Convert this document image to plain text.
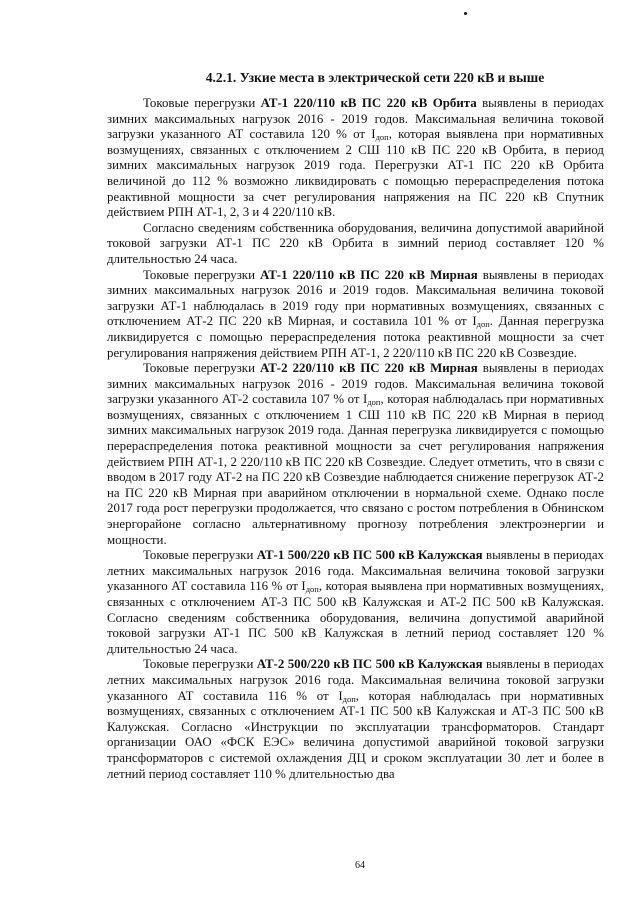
4.2.1. Узкие места в электрической сети 220 кВ и выше

Токовые перегрузки АТ-1 220/110 кВ ПС 220 кВ Орбита выявлены в периодах зимних максимальных нагрузок 2016 - 2019 годов. Максимальная величина токовой загрузки указанного АТ составила 120 % от $I_{доп}$, которая выявлена при нормативных возмущениях, связанных с отключением 2 СШ 110 кВ ПС 220 кВ Орбита, в период зимних максимальных нагрузок 2019 года. Перегрузки АТ-1 ПС 220 кВ Орбита величиной до 112 % возможно ликвидировать с помощью перераспределения потока реактивной мощности за счет регулирования напряжения на ПС 220 кВ Спутник действием РПН АТ-1, 2, 3 и 4 220/110 кВ.

Согласно сведениям собственника оборудования, величина допустимой аварийной токовой загрузки АТ-1 ПС 220 кВ Орбита в зимний период составляет 120 % длительностью 24 часа.

Токовые перегрузки АТ-1 220/110 кВ ПС 220 кВ Мирная выявлены в периодах зимних максимальных нагрузок 2016 и 2019 годов. Максимальная величина токовой загрузки АТ-1 наблюдалась в 2019 году при нормативных возмущениях, связанных с отключением АТ-2 ПС 220 кВ Мирная, и составила 101 % от $I_{доп}$. Данная перегрузка ликвидируется с помощью перераспределения потока реактивной мощности за счет регулирования напряжения действием РПН АТ-1, 2 220/110 кВ ПС 220 кВ Созвездие.

Токовые перегрузки АТ-2 220/110 кВ ПС 220 кВ Мирная выявлены в периодах зимних максимальных нагрузок 2016 - 2019 годов. Максимальная величина токовой загрузки указанного АТ-2 составила 107 % от $I_{доп}$, которая наблюдалась при нормативных возмущениях, связанных с отключением 1 СШ 110 кВ ПС 220 кВ Мирная в период зимних максимальных нагрузок 2019 года. Данная перегрузка ликвидируется с помощью перераспределения потока реактивной мощности за счет регулирования напряжения действием РПН АТ-1, 2 220/110 кВ ПС 220 кВ Созвездие. Следует отметить, что в связи с вводом в 2017 году АТ-2 на ПС 220 кВ Созвездие наблюдается снижение перегрузок АТ-2 на ПС 220 кВ Мирная при аварийном отключении в нормальной схеме. Однако после 2017 года рост перегрузки продолжается, что связано с ростом потребления в Обнинском энергорайоне согласно альтернативному прогнозу потребления электроэнергии и мощности.

Токовые перегрузки АТ-1 500/220 кВ ПС 500 кВ Калужская выявлены в периодах летних максимальных нагрузок 2016 года. Максимальная величина токовой загрузки указанного АТ составила 116 % от $I_{доп}$, которая выявлена при нормативных возмущениях, связанных с отключением АТ-3 ПС 500 кВ Калужская и АТ-2 ПС 500 кВ Калужская. Согласно сведениям собственника оборудования, величина допустимой аварийной токовой загрузки АТ-1 ПС 500 кВ Калужская в летний период составляет 120 % длительностью 24 часа.

Токовые перегрузки АТ-2 500/220 кВ ПС 500 кВ Калужская выявлены в периодах летних максимальных нагрузок 2016 года. Максимальная величина токовой загрузки указанного АТ составила 116 % от $I_{доп}$, которая наблюдалась при нормативных возмущениях, связанных с отключением АТ-1 ПС 500 кВ Калужская и АТ-3 ПС 500 кВ Калужская. Согласно «Инструкции по эксплуатации трансформаторов. Стандарт организации ОАО «ФСК ЕЭС» величина допустимой аварийной токовой загрузки трансформаторов с системой охлаждения ДЦ и сроком эксплуатации 30 лет и более в летний период составляет 110 % длительностью два

64
